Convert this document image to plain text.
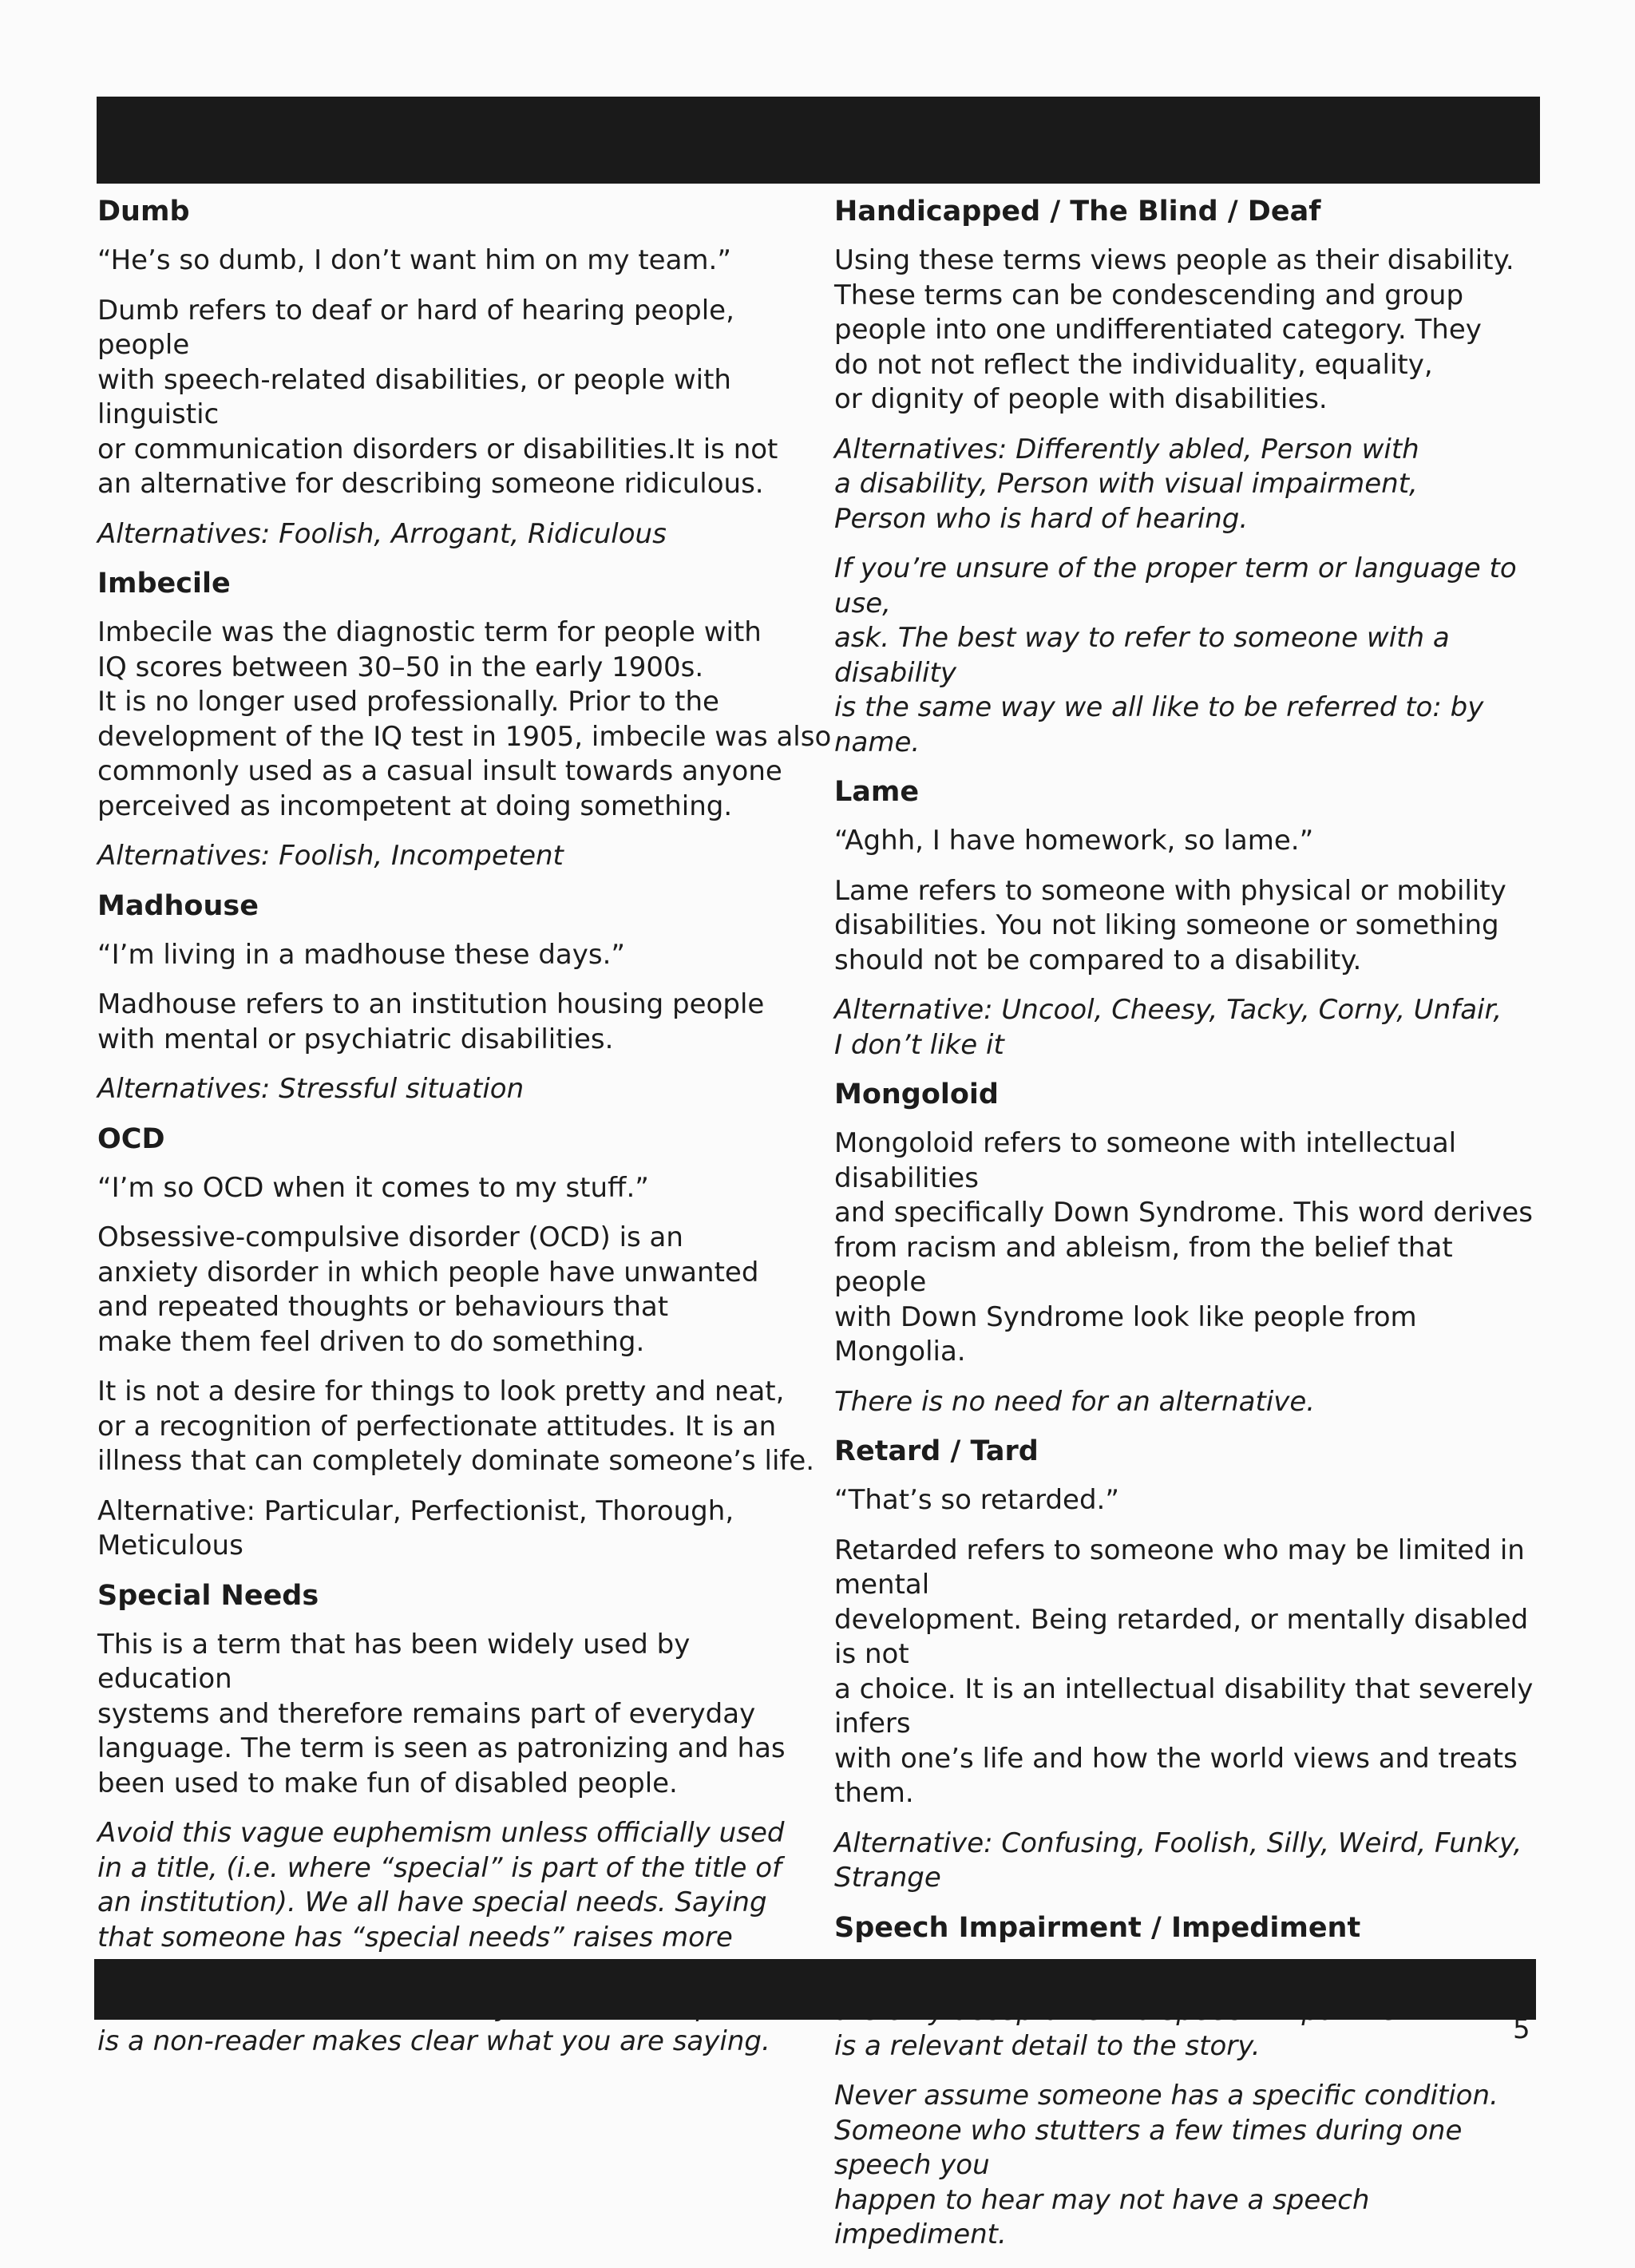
Dumb

“He’s so dumb, I don’t want him on my team.”

Dumb refers to deaf or hard of hearing people, people
with speech-related disabilities, or people with linguistic
or communication disorders or disabilities.It is not
an alternative for describing someone ridiculous.

Alternatives: Foolish, Arrogant, Ridiculous

Imbecile

Imbecile was the diagnostic term for people with
IQ scores between 30–50 in the early 1900s.
It is no longer used professionally. Prior to the
development of the IQ test in 1905, imbecile was also
commonly used as a casual insult towards anyone
perceived as incompetent at doing something.

Alternatives: Foolish, Incompetent

Madhouse

“I’m living in a madhouse these days.”

Madhouse refers to an institution housing people
with mental or psychiatric disabilities.

Alternatives: Stressful situation

OCD

“I’m so OCD when it comes to my stuff.”

Obsessive-compulsive disorder (OCD) is an
anxiety disorder in which people have unwanted
and repeated thoughts or behaviours that
make them feel driven to do something.

It is not a desire for things to look pretty and neat,
or a recognition of perfectionate attitudes. It is an
illness that can completely dominate someone’s life.

Alternative: Particular, Perfectionist, Thorough, Meticulous

Special Needs

This is a term that has been widely used by education
systems and therefore remains part of everyday
language. The term is seen as patronizing and has
been used to make fun of disabled people.

Avoid this vague euphemism unless officially used
in a title, (i.e. where “special” is part of the title of
an institution). We all have special needs. Saying
that someone has “special needs” raises more

is a non-reader makes clear what you are saying.

Handicapped / The Blind / Deaf

Using these terms views people as their disability.
These terms can be condescending and group
people into one undifferentiated category. They
do not not reflect the individuality, equality,
or dignity of people with disabilities.

Alternatives: Differently abled, Person with
a disability, Person with visual impairment,
Person who is hard of hearing.

If you’re unsure of the proper term or language to use,
ask. The best way to refer to someone with a disability
is the same way we all like to be referred to: by name.

Lame

“Aghh, I have homework, so lame.”

Lame refers to someone with physical or mobility
disabilities. You not liking someone or something
should not be compared to a disability.

Alternative: Uncool, Cheesy, Tacky, Corny, Unfair,
I don’t like it

Mongoloid

Mongoloid refers to someone with intellectual disabilities
and specifically Down Syndrome. This word derives
from racism and ableism, from the belief that people
with Down Syndrome look like people from Mongolia.

There is no need for an alternative.

Retard / Tard

“That’s so retarded.”

Retarded refers to someone who may be limited in mental
development. Being retarded, or mentally disabled is not
a choice. It is an intellectual disability that severely infers
with one’s life and how the world views and treats them.

Alternative: Confusing, Foolish, Silly, Weird, Funky, Strange

Speech Impairment / Impediment

is a relevant detail to the story.

Never assume someone has a specific condition.
Someone who stutters a few times during one speech you
happen to hear may not have a speech impediment.

5
